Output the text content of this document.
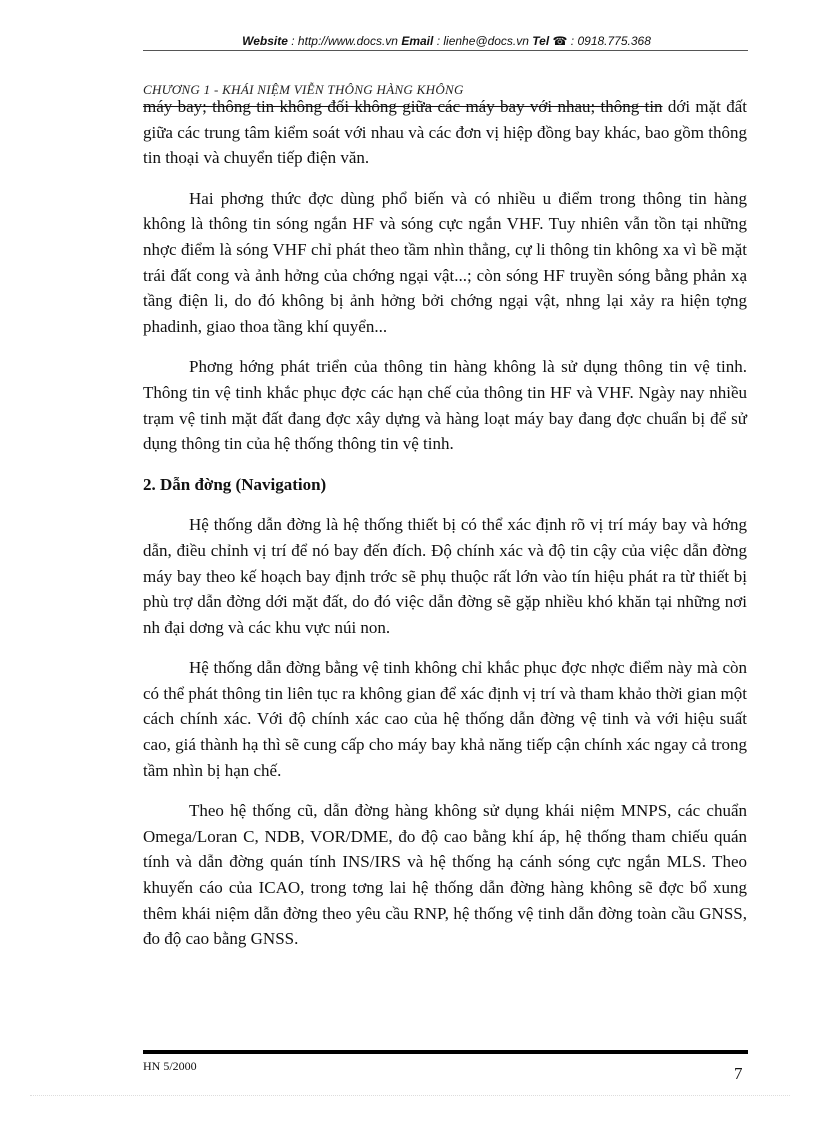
Website : http://www.docs.vn Email : lienhe@docs.vn Tel ☎ : 0918.775.368
CHƯƠNG 1 - KHÁI NIỆM VIỄN THÔNG HÀNG KHÔNG

máy bay; thông tin không đối không giữa các máy bay với nhau; thông tin dới mặt đất giữa các trung tâm kiểm soát với nhau và các đơn vị hiệp đồng bay khác, bao gồm thông tin thoại và chuyển tiếp điện văn.

Hai phơng thức đợc dùng phổ biến và có nhiều u điểm trong thông tin hàng không là thông tin sóng ngắn HF và sóng cực ngắn VHF. Tuy nhiên vẫn tồn tại những nhợc điểm là sóng VHF chỉ phát theo tầm nhìn thẳng, cự li thông tin không xa vì bề mặt trái đất cong và ảnh hởng của chớng ngại vật...; còn sóng HF truyền sóng bằng phản xạ tầng điện li, do đó không bị ảnh hởng bởi chớng ngại vật, nhng lại xảy ra hiện tợng phadinh, giao thoa tầng khí quyển...

Phơng hớng phát triển của thông tin hàng không là sử dụng thông tin vệ tinh. Thông tin vệ tinh khắc phục đợc các hạn chế của thông tin HF và VHF. Ngày nay nhiều trạm vệ tinh mặt đất đang đợc xây dựng và hàng loạt máy bay đang đợc chuẩn bị để sử dụng thông tin của hệ thống thông tin vệ tinh.

2. Dẫn đờng (Navigation)

Hệ thống dẫn đờng là hệ thống thiết bị có thể xác định rõ vị trí máy bay và hớng dẫn, điều chỉnh vị trí để nó bay đến đích. Độ chính xác và độ tin cậy của việc dẫn đờng máy bay theo kế hoạch bay định trớc sẽ phụ thuộc rất lớn vào tín hiệu phát ra từ thiết bị phù trợ dẫn đờng dới mặt đất, do đó việc dẫn đờng sẽ gặp nhiều khó khăn tại những nơi nh đại dơng và các khu vực núi non.

Hệ thống dẫn đờng bằng vệ tinh không chỉ khắc phục đợc nhợc điểm này mà còn có thể phát thông tin liên tục ra không gian để xác định vị trí và tham khảo thời gian một cách chính xác. Với độ chính xác cao của hệ thống dẫn đờng vệ tinh và với hiệu suất cao, giá thành hạ thì sẽ cung cấp cho máy bay khả năng tiếp cận chính xác ngay cả trong tầm nhìn bị hạn chế.

Theo hệ thống cũ, dẫn đờng hàng không sử dụng khái niệm MNPS, các chuẩn Omega/Loran C, NDB, VOR/DME, đo độ cao bằng khí áp, hệ thống tham chiếu quán tính và dẫn đờng quán tính INS/IRS và hệ thống hạ cánh sóng cực ngắn MLS. Theo khuyến cáo của ICAO, trong tơng lai hệ thống dẫn đờng hàng không sẽ đợc bổ xung thêm khái niệm dẫn đờng theo yêu cầu RNP, hệ thống vệ tinh dẫn đờng toàn cầu GNSS, đo độ cao bằng GNSS.

HN 5/2000	7
